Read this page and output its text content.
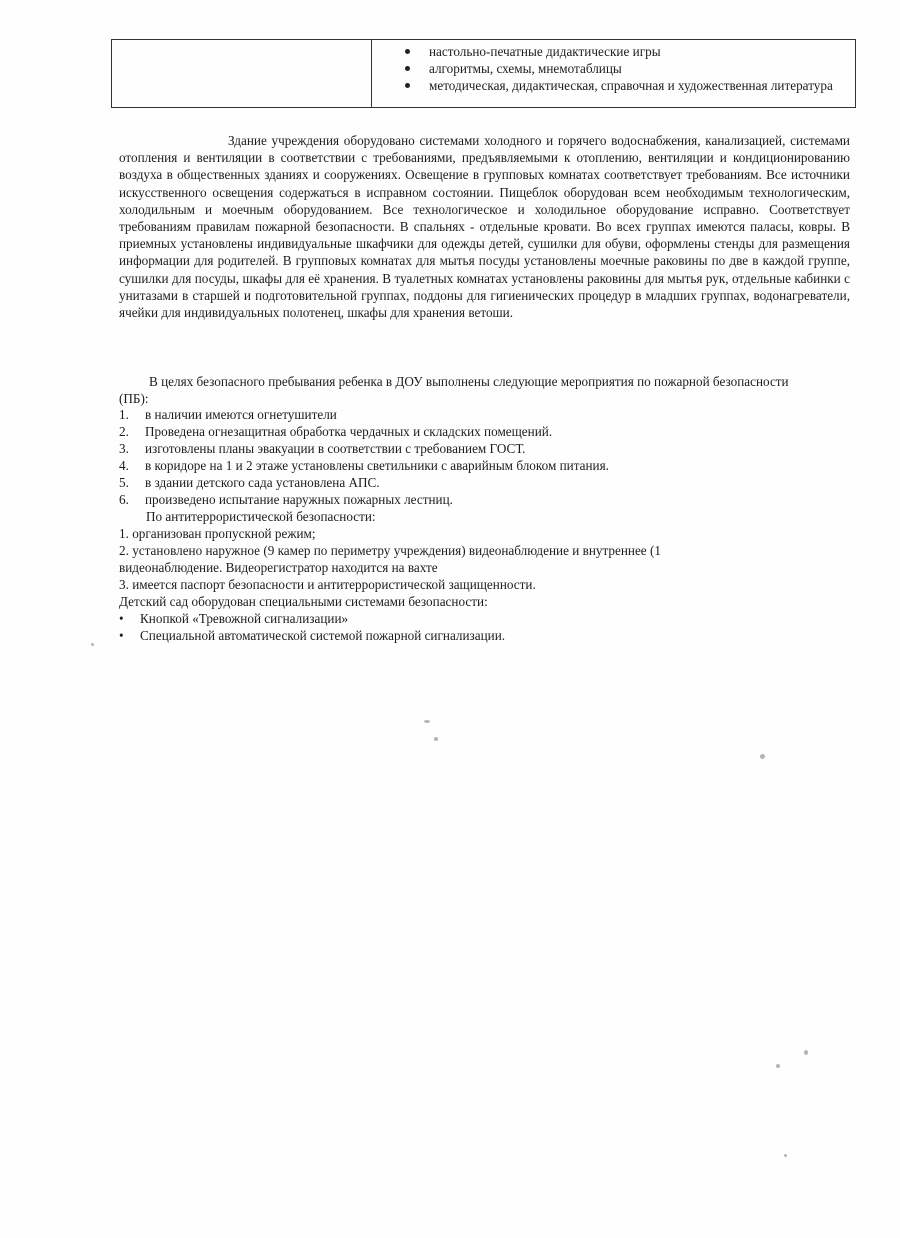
настольно-печатные дидактические игры
алгоритмы, схемы, мнемотаблицы
методическая, дидактическая, справочная и художественная литература

Здание учреждения оборудовано системами холодного и горячего водоснабжения, канализацией, системами отопления и вентиляции в соответствии с требованиями, предъявляемыми к отоплению, вентиляции и кондиционированию воздуха в общественных зданиях и сооружениях. Освещение в групповых комнатах соответствует требованиям. Все источники искусственного освещения содержаться в исправном состоянии. Пищеблок оборудован всем необходимым технологическим, холодильным и моечным оборудованием. Все технологическое и холодильное оборудование исправно. Соответствует требованиям правилам пожарной безопасности. В спальнях - отдельные кровати. Во всех группах имеются паласы, ковры. В приемных установлены индивидуальные шкафчики для одежды детей, сушилки для обуви, оформлены стенды для размещения информации для родителей. В групповых комнатах для мытья посуды установлены моечные раковины по две в каждой группе, сушилки для посуды, шкафы для её хранения. В туалетных комнатах установлены раковины для мытья рук, отдельные кабинки с унитазами в старшей и подготовительной группах, поддоны для гигиенических процедур в младших группах, водонагреватели, ячейки для индивидуальных полотенец, шкафы для хранения ветоши.

В целях безопасного пребывания ребенка в ДОУ выполнены следующие мероприятия по пожарной безопасности (ПБ):

1.	в наличии имеются огнетушители
2.	Проведена огнезащитная обработка чердачных и складских помещений.
3.	изготовлены планы эвакуации в соответствии с требованием ГОСТ.
4.	в коридоре на 1 и 2 этаже установлены светильники с аварийным блоком питания.
5.	в здании детского сада установлена АПС.
6.	произведено испытание наружных пожарных лестниц.

По антитеррористической безопасности:

1. организован пропускной режим;
2. установлено наружное (9 камер по периметру учреждения) видеонаблюдение и внутреннее (1 видеонаблюдение. Видеорегистратор находится на вахте
3. имеется паспорт безопасности и антитеррористической защищенности.

Детский сад оборудован специальными системами безопасности:

•	Кнопкой «Тревожной сигнализации»
•	Специальной автоматической системой пожарной сигнализации.
